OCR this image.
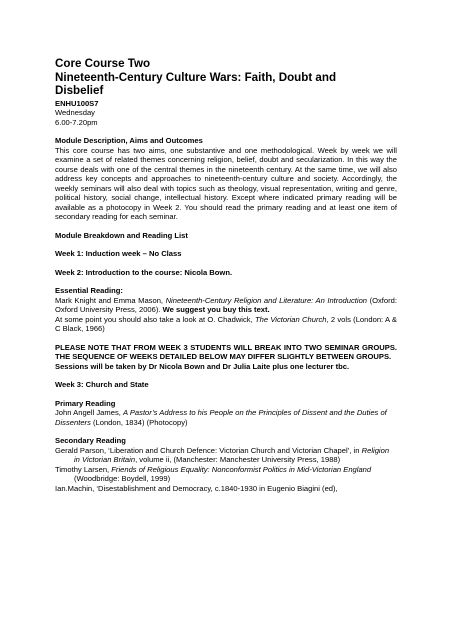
Core Course Two

Nineteenth-Century Culture Wars: Faith, Doubt and

Disbelief

ENHU100S7

Wednesday

6.00-7.20pm

Module Description, Aims and Outcomes

This core course has two aims, one substantive and one methodological. Week by week we will examine a set of related themes concerning religion, belief, doubt and secularization. In this way the course deals with one of the central themes in the nineteenth century. At the same time, we will also address key concepts and approaches to nineteenth-century culture and society. Accordingly, the weekly seminars will also deal with topics such as theology, visual representation, writing and genre, political history, social change, intellectual history. Except where indicated primary reading will be available as a photocopy in Week 2. You should read the primary reading and at least one item of secondary reading for each seminar.

Module Breakdown and Reading List

Week 1: Induction week – No Class

Week 2: Introduction to the course: Nicola Bown.

Essential Reading:

Mark Knight and Emma Mason, Nineteenth-Century Religion and Literature: An Introduction (Oxford: Oxford University Press, 2006). We suggest you buy this text.

At some point you should also take a look at O. Chadwick, The Victorian Church, 2 vols (London: A & C Black, 1966)

PLEASE NOTE THAT FROM WEEK 3 STUDENTS WILL BREAK INTO TWO SEMINAR GROUPS. THE SEQUENCE OF WEEKS DETAILED BELOW MAY DIFFER SLIGHTLY BETWEEN GROUPS.

Sessions will be taken by Dr Nicola Bown and Dr Julia Laite plus one lecturer tbc.

Week 3: Church and State

Primary Reading

John Angell James, A Pastor’s Address to his People on the Principles of Dissent and the Duties of Dissenters (London, 1834) (Photocopy)

Secondary Reading

Gerald Parson, ‘Liberation and Church Defence: Victorian Church and Victorian Chapel’, in Religion in Victorian Britain, volume ii, (Manchester: Manchester University Press, 1988)

Timothy Larsen, Friends of Religious Equality: Nonconformist Politics in Mid-Victorian England (Woodbridge: Boydell, 1999)

Ian.Machin, ‘Disestablishment and Democracy, c.1840-1930 in Eugenio Biagini (ed),
